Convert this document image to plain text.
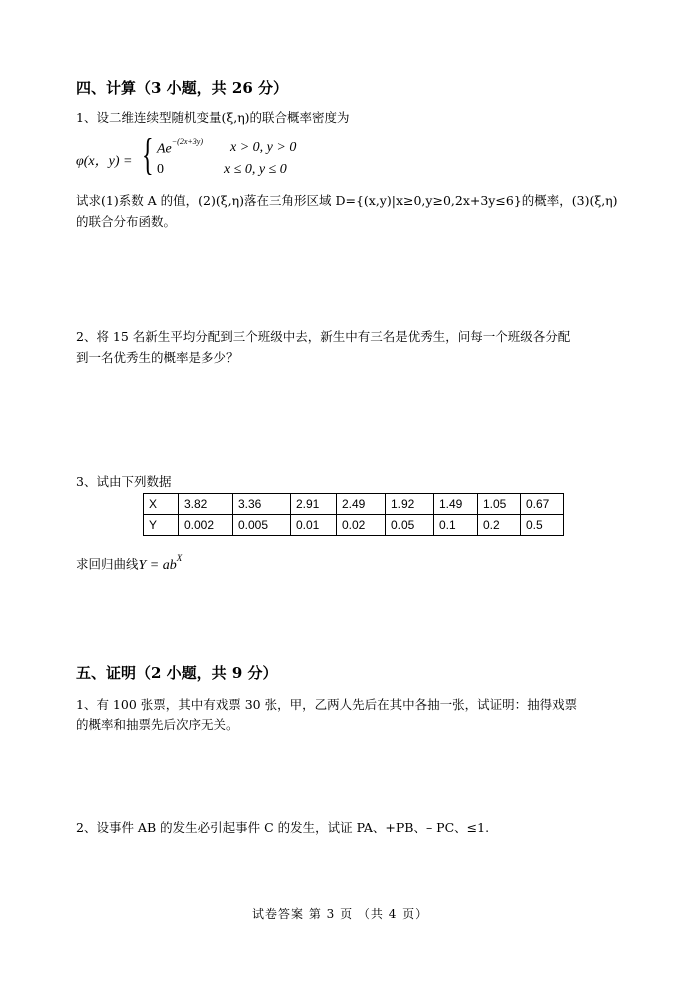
四、计算（3 小题，共 26 分）
1、设二维连续型随机变量(ξ,η)的联合概率密度为
φ(x，y) = { $Ae^{-(2x+3y)}$ x > 0, y > 0
0	x ≤ 0, y ≤ 0
试求(1)系数 A 的值，(2)(ξ,η)落在三角形区域 D={(x,y)|x≥0,y≥0,2x+3y≤6}的概率，(3)(ξ,η)
的联合分布函数。
2、将 15 名新生平均分配到三个班级中去，新生中有三名是优秀生，问每一个班级各分配
到一名优秀生的概率是多少？
3、试由下列数据
X	3.82	3.36	2.91	2.49	1.92	1.49	1.05	0.67
Y	0.002	0.005	0.01	0.02	0.05	0.1	0.2	0.5
求回归曲线$Y = ab^X$
五、证明（2 小题，共 9 分）
1、有 100 张票，其中有戏票 30 张，甲，乙两人先后在其中各抽一张，试证明：抽得戏票
的概率和抽票先后次序无关。
2、设事件 AB 的发生必引起事件 C 的发生，试证 PA、+PB、– PC、≤1.
试卷答案 第 3 页 （共 4 页）
